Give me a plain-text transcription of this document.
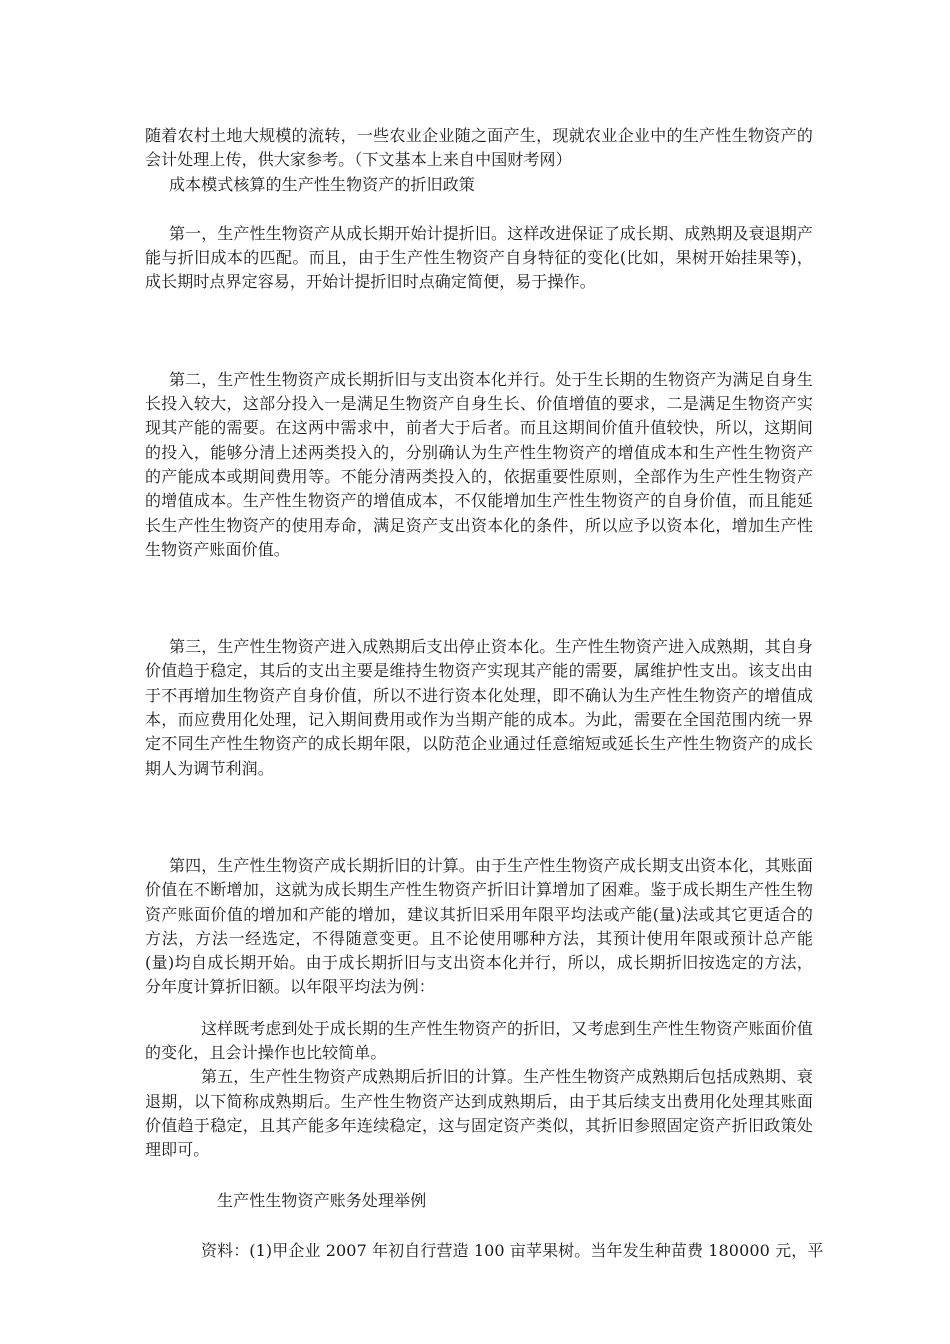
随着农村土地大规模的流转，一些农业企业随之面产生，现就农业企业中的生产性生物资产的会计处理上传，供大家参考。（下文基本上来自中国财考网）

成本模式核算的生产性生物资产的折旧政策

第一，生产性生物资产从成长期开始计提折旧。这样改进保证了成长期、成熟期及衰退期产能与折旧成本的匹配。而且，由于生产性生物资产自身特征的变化(比如，果树开始挂果等)，成长期时点界定容易，开始计提折旧时点确定简便，易于操作。

第二，生产性生物资产成长期折旧与支出资本化并行。处于生长期的生物资产为满足自身生长投入较大，这部分投入一是满足生物资产自身生长、价值增值的要求，二是满足生物资产实现其产能的需要。在这两中需求中，前者大于后者。而且这期间价值升值较快，所以，这期间的投入，能够分清上述两类投入的，分别确认为生产性生物资产的增值成本和生产性生物资产的产能成本或期间费用等。不能分清两类投入的，依据重要性原则，全部作为生产性生物资产的增值成本。生产性生物资产的增值成本，不仅能增加生产性生物资产的自身价值，而且能延长生产性生物资产的使用寿命，满足资产支出资本化的条件，所以应予以资本化，增加生产性生物资产账面价值。

第三，生产性生物资产进入成熟期后支出停止资本化。生产性生物资产进入成熟期，其自身价值趋于稳定，其后的支出主要是维持生物资产实现其产能的需要，属维护性支出。该支出由于不再增加生物资产自身价值，所以不进行资本化处理，即不确认为生产性生物资产的增值成本，而应费用化处理，记入期间费用或作为当期产能的成本。为此，需要在全国范围内统一界定不同生产性生物资产的成长期年限，以防范企业通过任意缩短或延长生产性生物资产的成长期人为调节利润。

第四，生产性生物资产成长期折旧的计算。由于生产性生物资产成长期支出资本化，其账面价值在不断增加，这就为成长期生产性生物资产折旧计算增加了困难。鉴于成长期生产性生物资产账面价值的增加和产能的增加，建议其折旧采用年限平均法或产能(量)法或其它更适合的方法，方法一经选定，不得随意变更。且不论使用哪种方法，其预计使用年限或预计总产能(量)均自成长期开始。由于成长期折旧与支出资本化并行，所以，成长期折旧按选定的方法，分年度计算折旧额。以年限平均法为例：

这样既考虑到处于成长期的生产性生物资产的折旧，又考虑到生产性生物资产账面价值的变化，且会计操作也比较简单。

第五，生产性生物资产成熟期后折旧的计算。生产性生物资产成熟期后包括成熟期、衰退期，以下简称成熟期后。生产性生物资产达到成熟期后，由于其后续支出费用化处理其账面价值趋于稳定，且其产能多年连续稳定，这与固定资产类似，其折旧参照固定资产折旧政策处理即可。

生产性生物资产账务处理举例

资料：(1)甲企业 2007 年初自行营造 100 亩苹果树。当年发生种苗费 180000 元，平
